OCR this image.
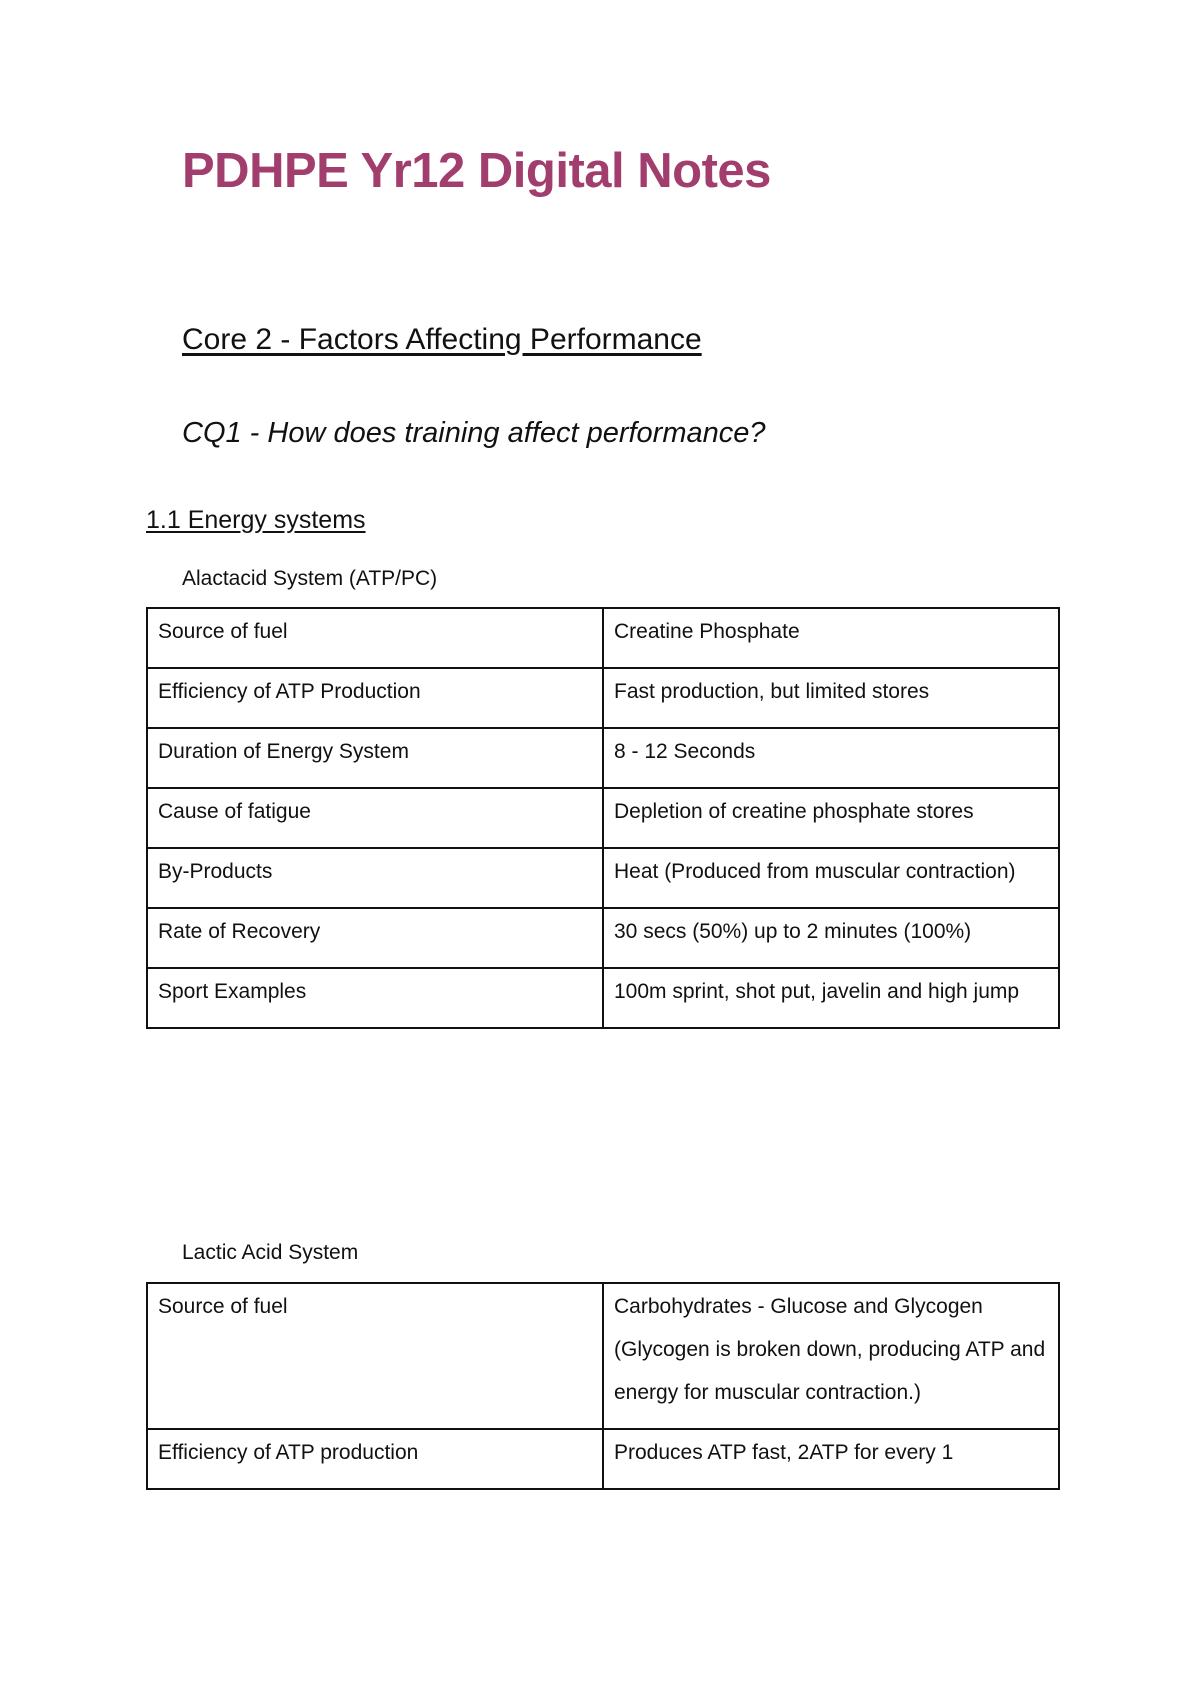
PDHPE Yr12 Digital Notes
Core 2 - Factors Affecting Performance
CQ1 - How does training affect performance?
1.1 Energy systems

Alactacid System (ATP/PC)

Source of fuel	Creatine Phosphate

Efficiency of ATP Production	Fast production, but limited stores

Duration of Energy System	8 - 12 Seconds

Cause of fatigue	Depletion of creatine phosphate stores

By-Products	Heat (Produced from muscular contraction)

Rate of Recovery	30 secs (50%) up to 2 minutes (100%)

Sport Examples	100m sprint, shot put, javelin and high jump

Lactic Acid System

Source of fuel	Carbohydrates - Glucose and Glycogen (Glycogen is broken down, producing ATP and energy for muscular contraction.)

Efficiency of ATP production	Produces ATP fast, 2ATP for every 1
